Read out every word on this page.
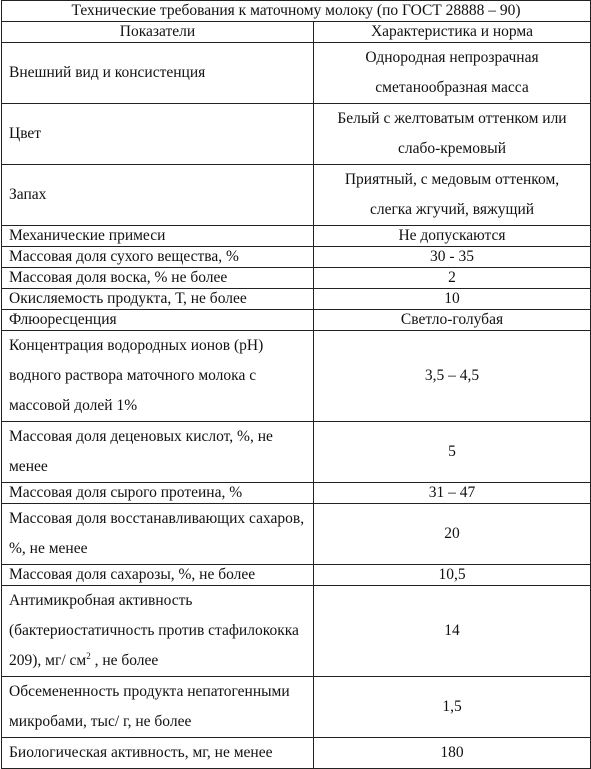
Технические требования к маточному молоку (по ГОСТ 28888 – 90)	
Показатели	Характеристика и норма
Внешний вид и консистенция	Однородная непрозрачная
сметанообразная масса

Цвет	Белый с желтоватым оттенком или
слабо-кремовый

Запах	Приятный, с медовым оттенком,
слегка жгучий, вяжущий

Механические примеси	Не допускаются
Массовая доля сухого вещества, %	30 - 35
Массовая доля воска, % не более	2
Окисляемость продукта, Т, не более	10
Флюоресценция	Светло-голубая
Концентрация водородных ионов (рН) водного раствора маточного молока с массовой долей 1%	3,5 – 4,5
Массовая доля деценовых кислот, %, не менее	5
Массовая доля сырого протеина, %	31 – 47
Массовая доля восстанавливающих сахаров, %, не менее	20
Массовая доля сахарозы, %, не более	10,5
Антимикробная активность (бактериостатичность против стафилококка 209), мг/ $см^2$ , не более	14
Обсемененность продукта непатогенными микробами, тыс/ г, не более	1,5
Биологическая активность, мг, не менее	180
